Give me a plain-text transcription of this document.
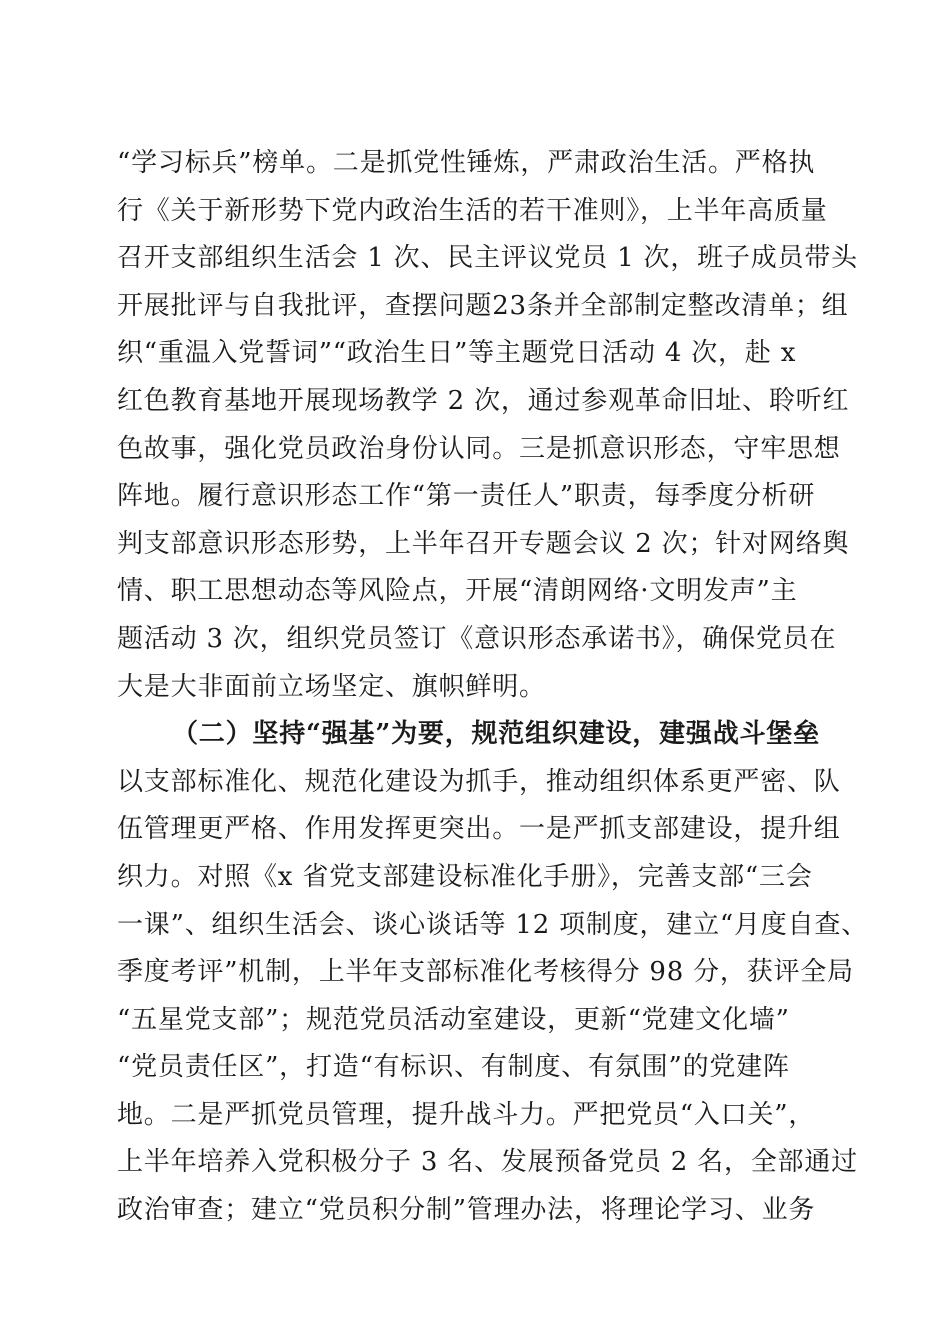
“学习标兵”榜单。二是抓党性锤炼，严肃政治生活。严格执
行《关于新形势下党内政治生活的若干准则》，上半年高质量
召开支部组织生活会 1 次、民主评议党员 1 次，班子成员带头
开展批评与自我批评，查摆问题23条并全部制定整改清单；组
织“重温入党誓词”“政治生日”等主题党日活动 4 次，赴 x
红色教育基地开展现场教学 2 次，通过参观革命旧址、聆听红
色故事，强化党员政治身份认同。三是抓意识形态，守牢思想
阵地。履行意识形态工作“第一责任人”职责，每季度分析研
判支部意识形态形势，上半年召开专题会议 2 次；针对网络舆
情、职工思想动态等风险点，开展“清朗网络·文明发声”主
题活动 3 次，组织党员签订《意识形态承诺书》，确保党员在
大是大非面前立场坚定、旗帜鲜明。
（二）坚持“强基”为要，规范组织建设，建强战斗堡垒
以支部标准化、规范化建设为抓手，推动组织体系更严密、队
伍管理更严格、作用发挥更突出。一是严抓支部建设，提升组
织力。对照《x 省党支部建设标准化手册》，完善支部“三会
一课”、组织生活会、谈心谈话等 12 项制度，建立“月度自查、
季度考评”机制，上半年支部标准化考核得分 98 分，获评全局
“五星党支部”；规范党员活动室建设，更新“党建文化墙”
“党员责任区”，打造“有标识、有制度、有氛围”的党建阵
地。二是严抓党员管理，提升战斗力。严把党员“入口关”，
上半年培养入党积极分子 3 名、发展预备党员 2 名，全部通过
政治审查；建立“党员积分制”管理办法，将理论学习、业务
